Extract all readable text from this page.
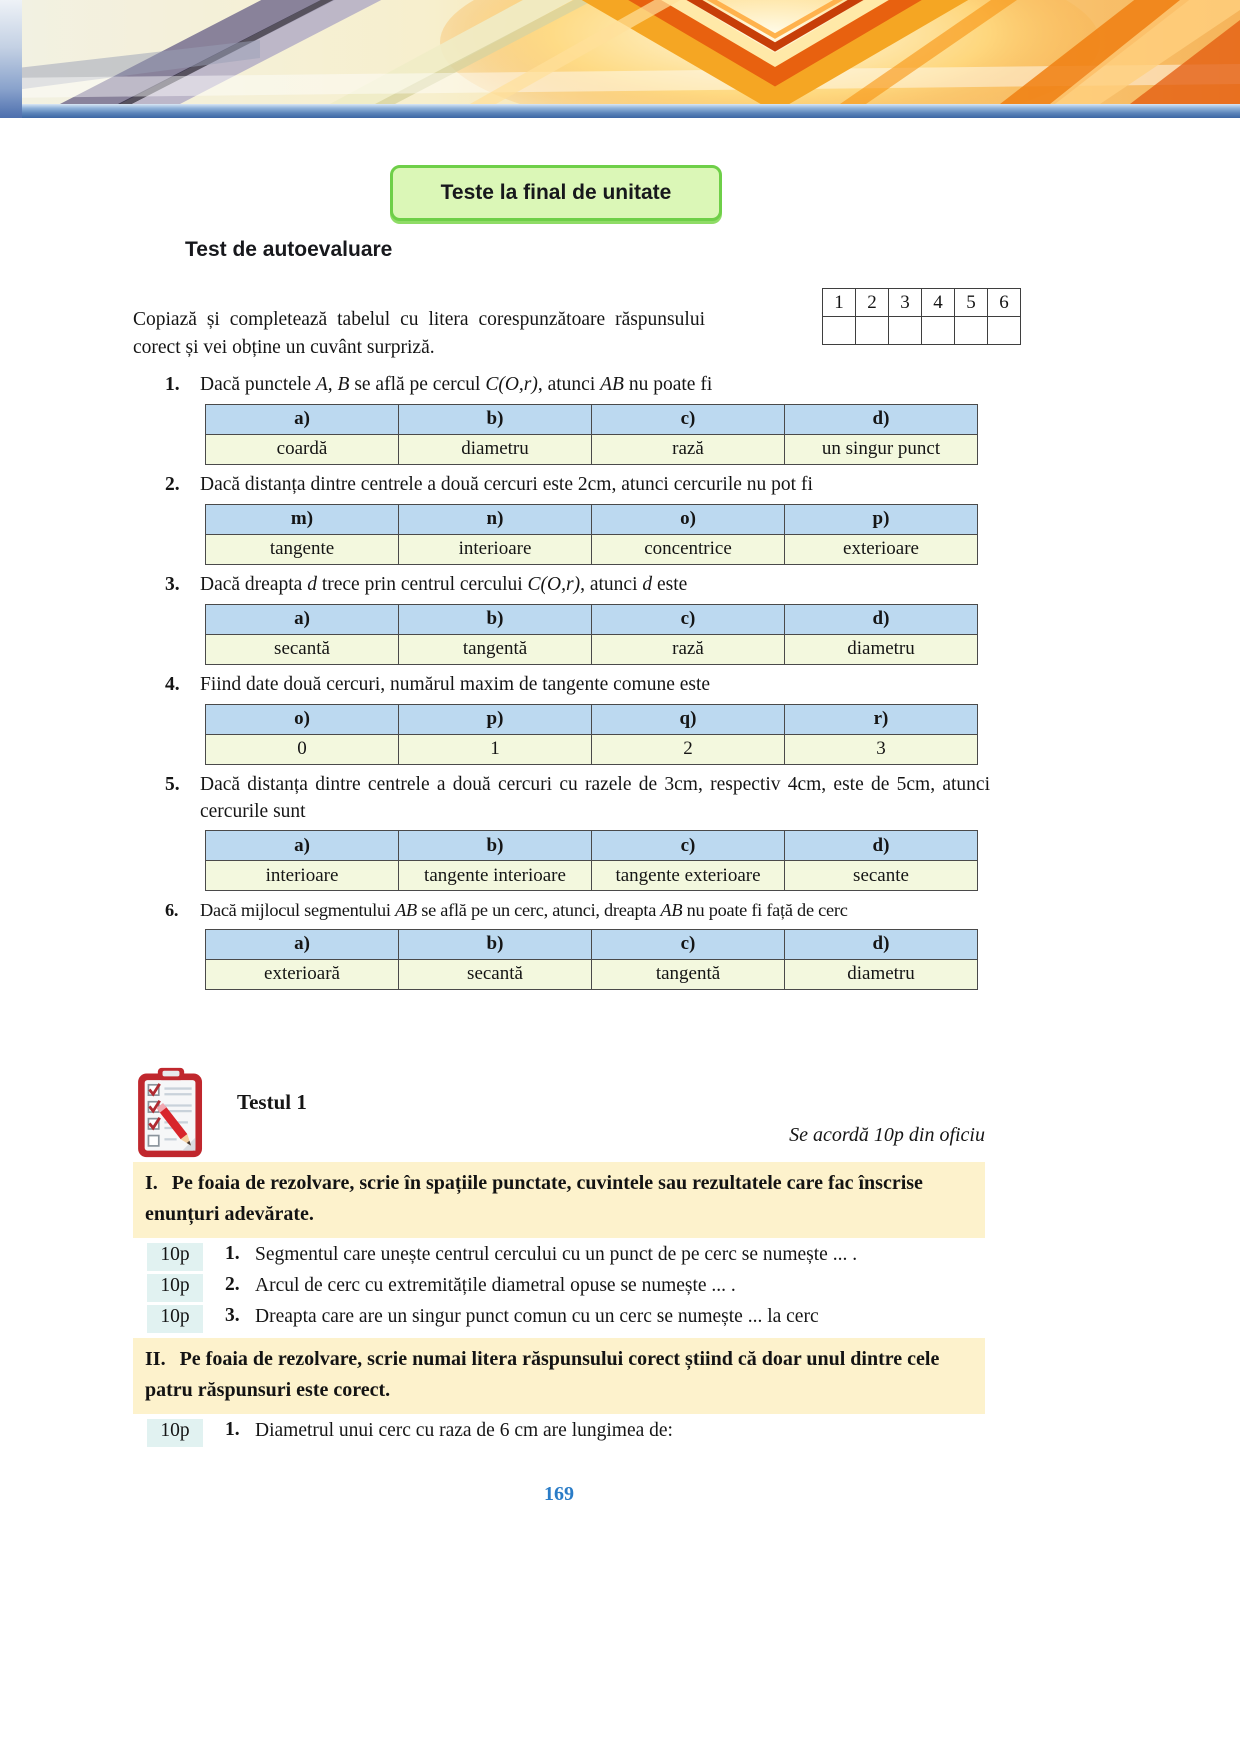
Teste la final de unitate
Test de autoevaluare
Copiază și completează tabelul cu litera corespunzătoare răspunsului corect și vei obține un cuvânt surpriză.
1	2	3	4	5	6

1. Dacă punctele A, B se află pe cercul C(O,r), atunci AB nu poate fi
a)	b)	c)	d)
coardă	diametru	rază	un singur punct
2. Dacă distanța dintre centrele a două cercuri este 2cm, atunci cercurile nu pot fi
m)	n)	o)	p)
tangente	interioare	concentrice	exterioare
3. Dacă dreapta d trece prin centrul cercului C(O,r), atunci d este
a)	b)	c)	d)
secantă	tangentă	rază	diametru
4. Fiind date două cercuri, numărul maxim de tangente comune este
o)	p)	q)	r)
0	1	2	3
5. Dacă distanța dintre centrele a două cercuri cu razele de 3cm, respectiv 4cm, este de 5cm, atunci cercurile sunt
a)	b)	c)	d)
interioare	tangente interioare	tangente exterioare	secante
6. Dacă mijlocul segmentului AB se află pe un cerc, atunci, dreapta AB nu poate fi față de cerc
a)	b)	c)	d)
exterioară	secantă	tangentă	diametru
Testul 1
Se acordă 10p din oficiu
I. Pe foaia de rezolvare, scrie în spațiile punctate, cuvintele sau rezultatele care fac înscrise enunțuri adevărate.
10p	1. Segmentul care unește centrul cercului cu un punct de pe cerc se numește ... .
10p	2. Arcul de cerc cu extremitățile diametral opuse se numește ... .
10p	3. Dreapta care are un singur punct comun cu un cerc se numește ... la cerc
II. Pe foaia de rezolvare, scrie numai litera răspunsului corect știind că doar unul dintre cele patru răspunsuri este corect.
10p	1. Diametrul unui cerc cu raza de 6 cm are lungimea de:
169
